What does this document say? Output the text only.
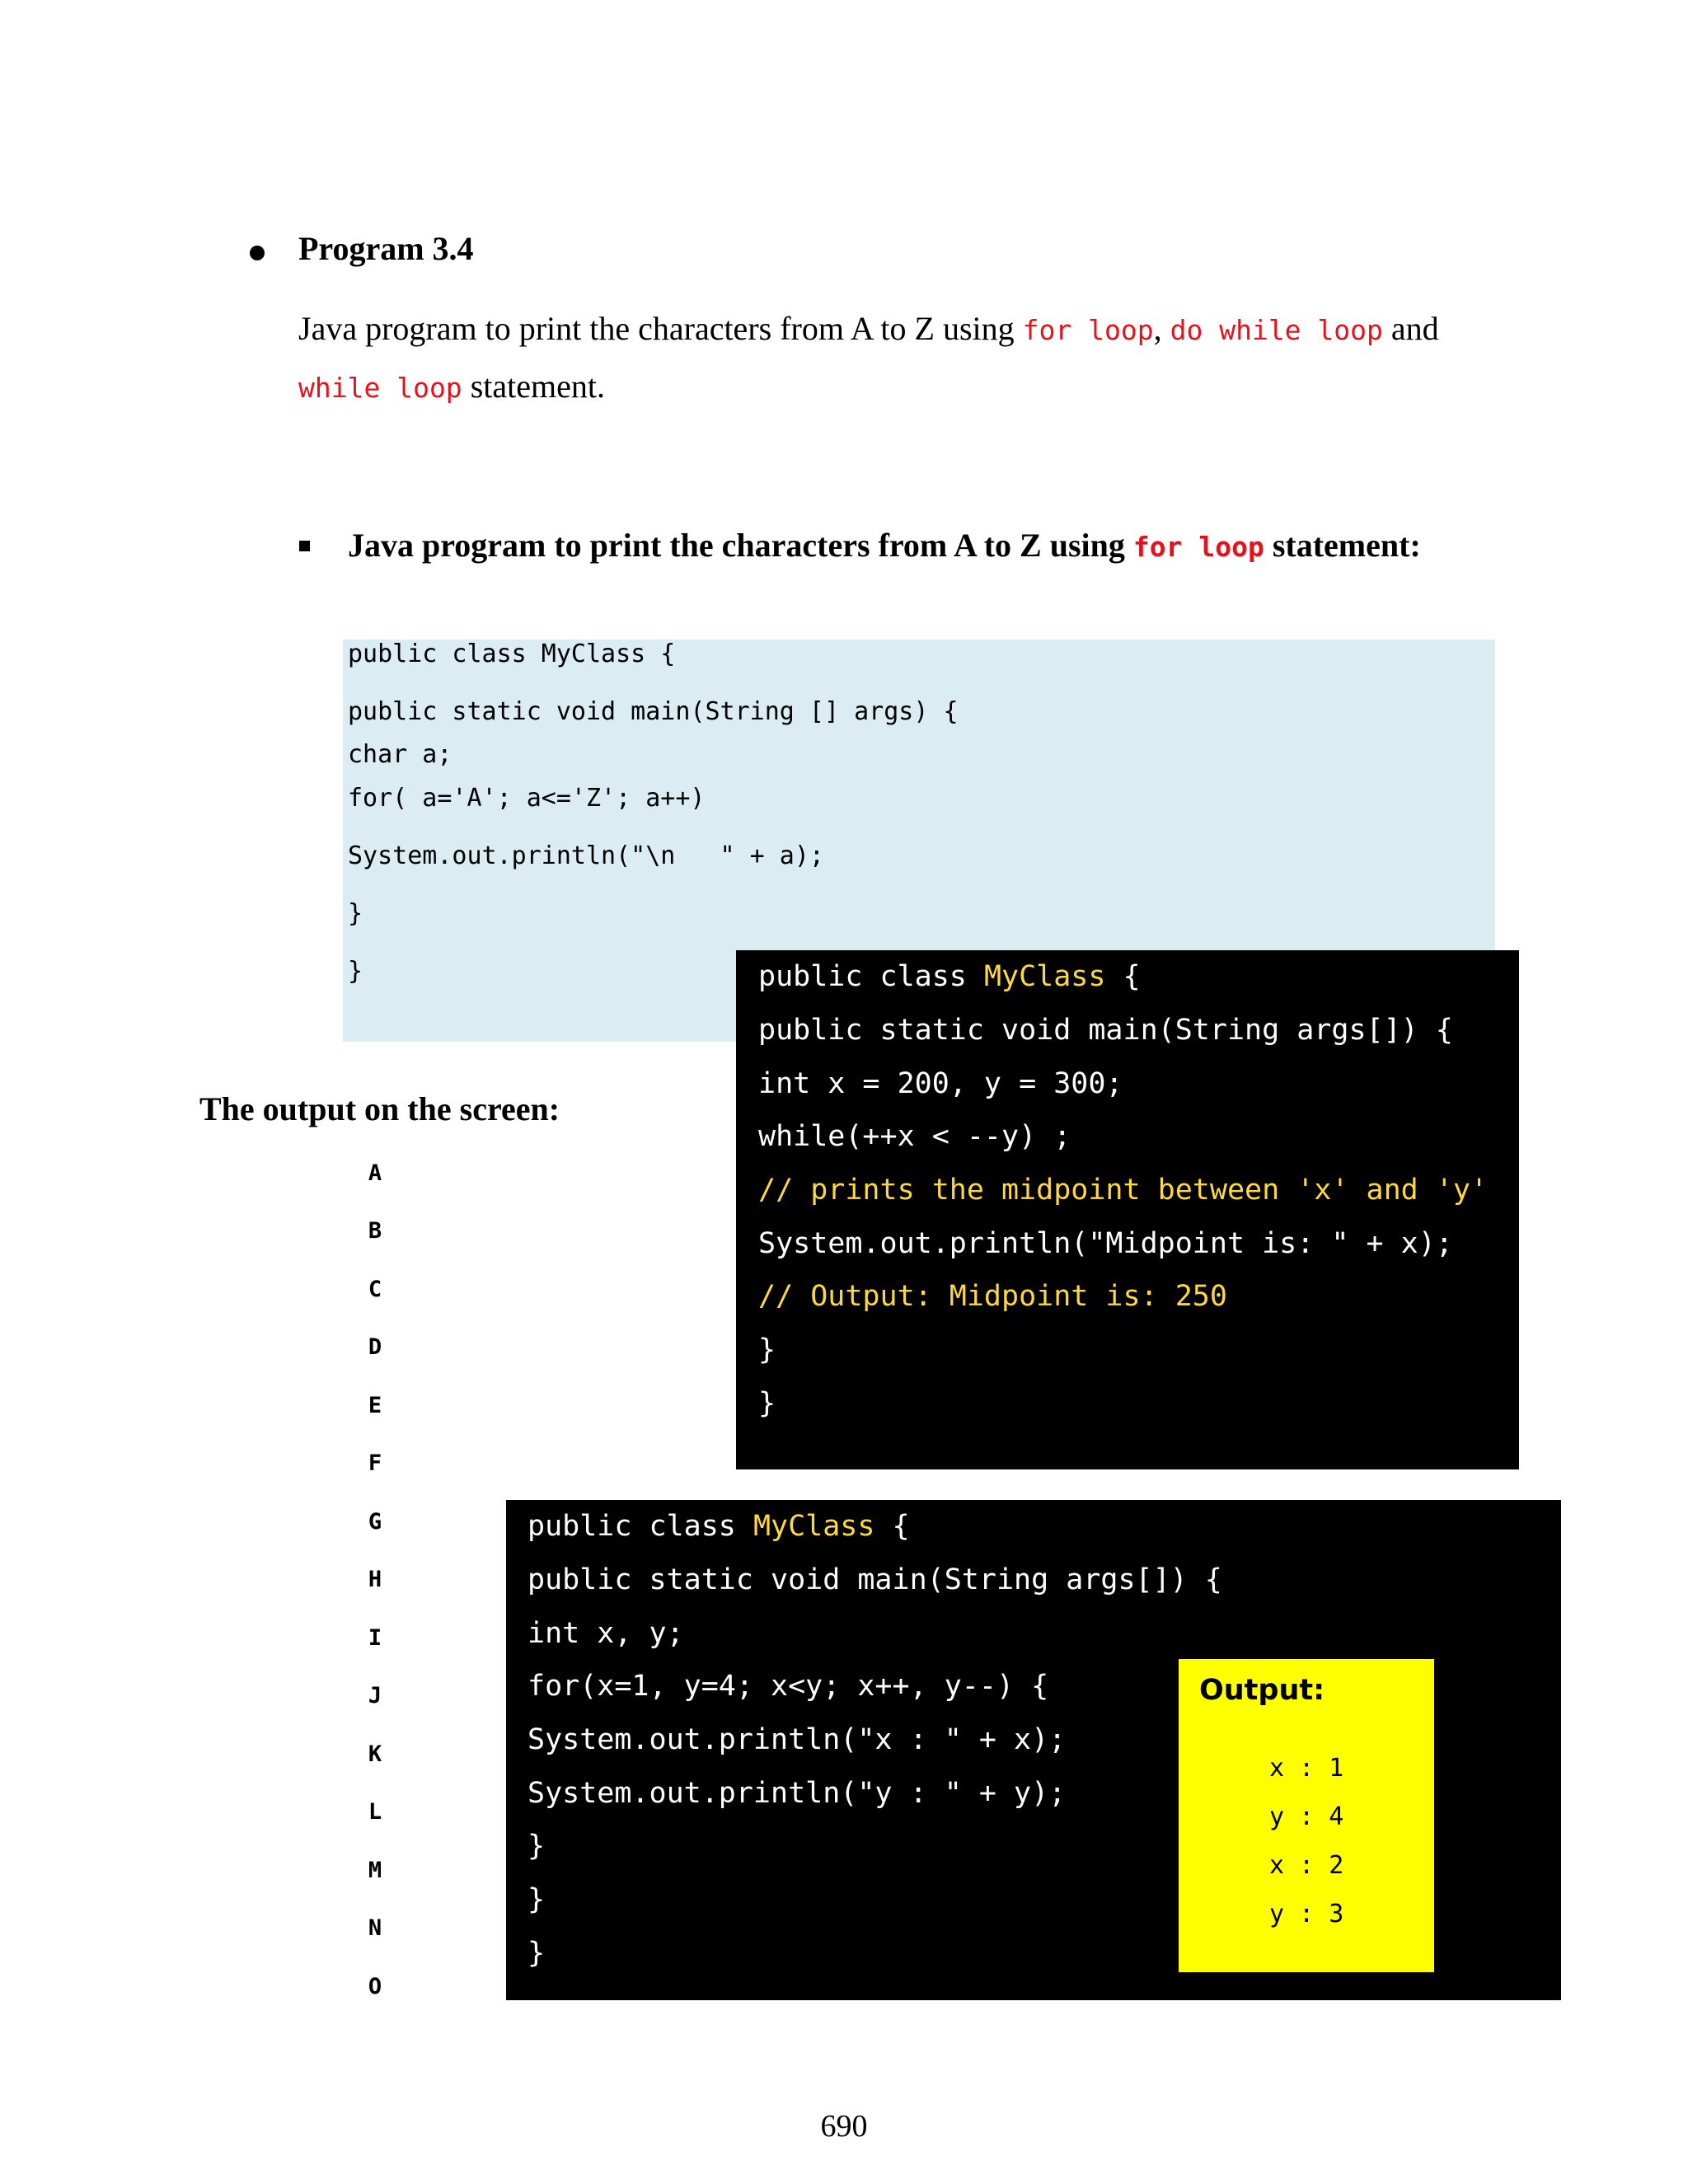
Program 3.4
Java program to print the characters from A to Z using for loop, do while loop and
while loop statement.
Java program to print the characters from A to Z using for loop statement:
public class MyClass {
public static void main(String [] args) {
char a;
for( a='A'; a<='Z'; a++)
System.out.println("\n   " + a);
}
}
The output on the screen:
A
B
C
D
E
F
G
H
I
J
K
L
M
N
O
public class MyClass {
public static void main(String args[]) {
int x = 200, y = 300;
while(++x < --y) ;
// prints the midpoint between 'x' and 'y'
System.out.println("Midpoint is: " + x);
// Output: Midpoint is: 250
}
}
public class MyClass {
public static void main(String args[]) {
int x, y;
for(x=1, y=4; x<y; x++, y--) {
System.out.println("x : " + x);
System.out.println("y : " + y);
}
}
}
Output:
x : 1
y : 4
x : 2
y : 3
690
